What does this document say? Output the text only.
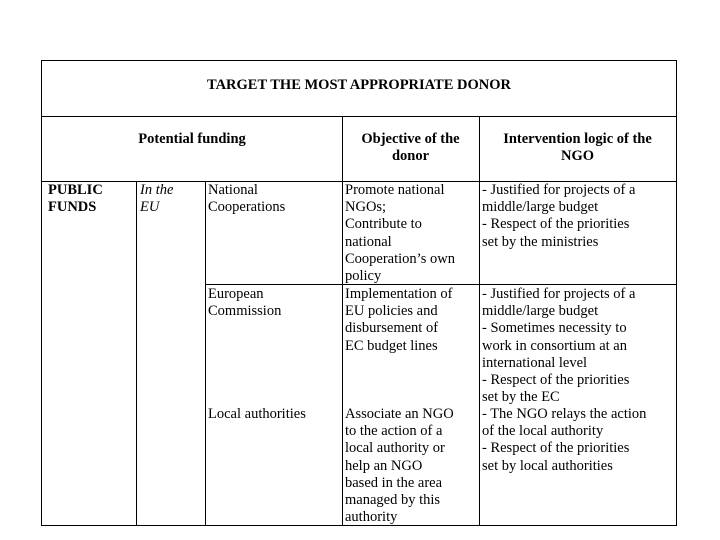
TARGET THE MOST APPROPRIATE DONOR
Potential funding	Objective of the
donor
Intervention logic of the
NGO
PUBLIC
FUNDS
In the
EU
National
Cooperations
Promote national
NGOs;
Contribute to
national
Cooperation’s own
policy
- Justified for projects of a
middle/large budget
- Respect of the priorities
set by the ministries
European
Commission
Implementation of
EU policies and
disbursement of
EC budget lines
- Justified for projects of a
middle/large budget
- Sometimes necessity to
work in consortium at an
international level
- Respect of the priorities
set by the EC
Local authorities	Associate an NGO
to the action of a
local authority or
help an NGO
based in the area
managed by this
authority
- The NGO relays the action
of the local authority
- Respect of the priorities
set by local authorities
